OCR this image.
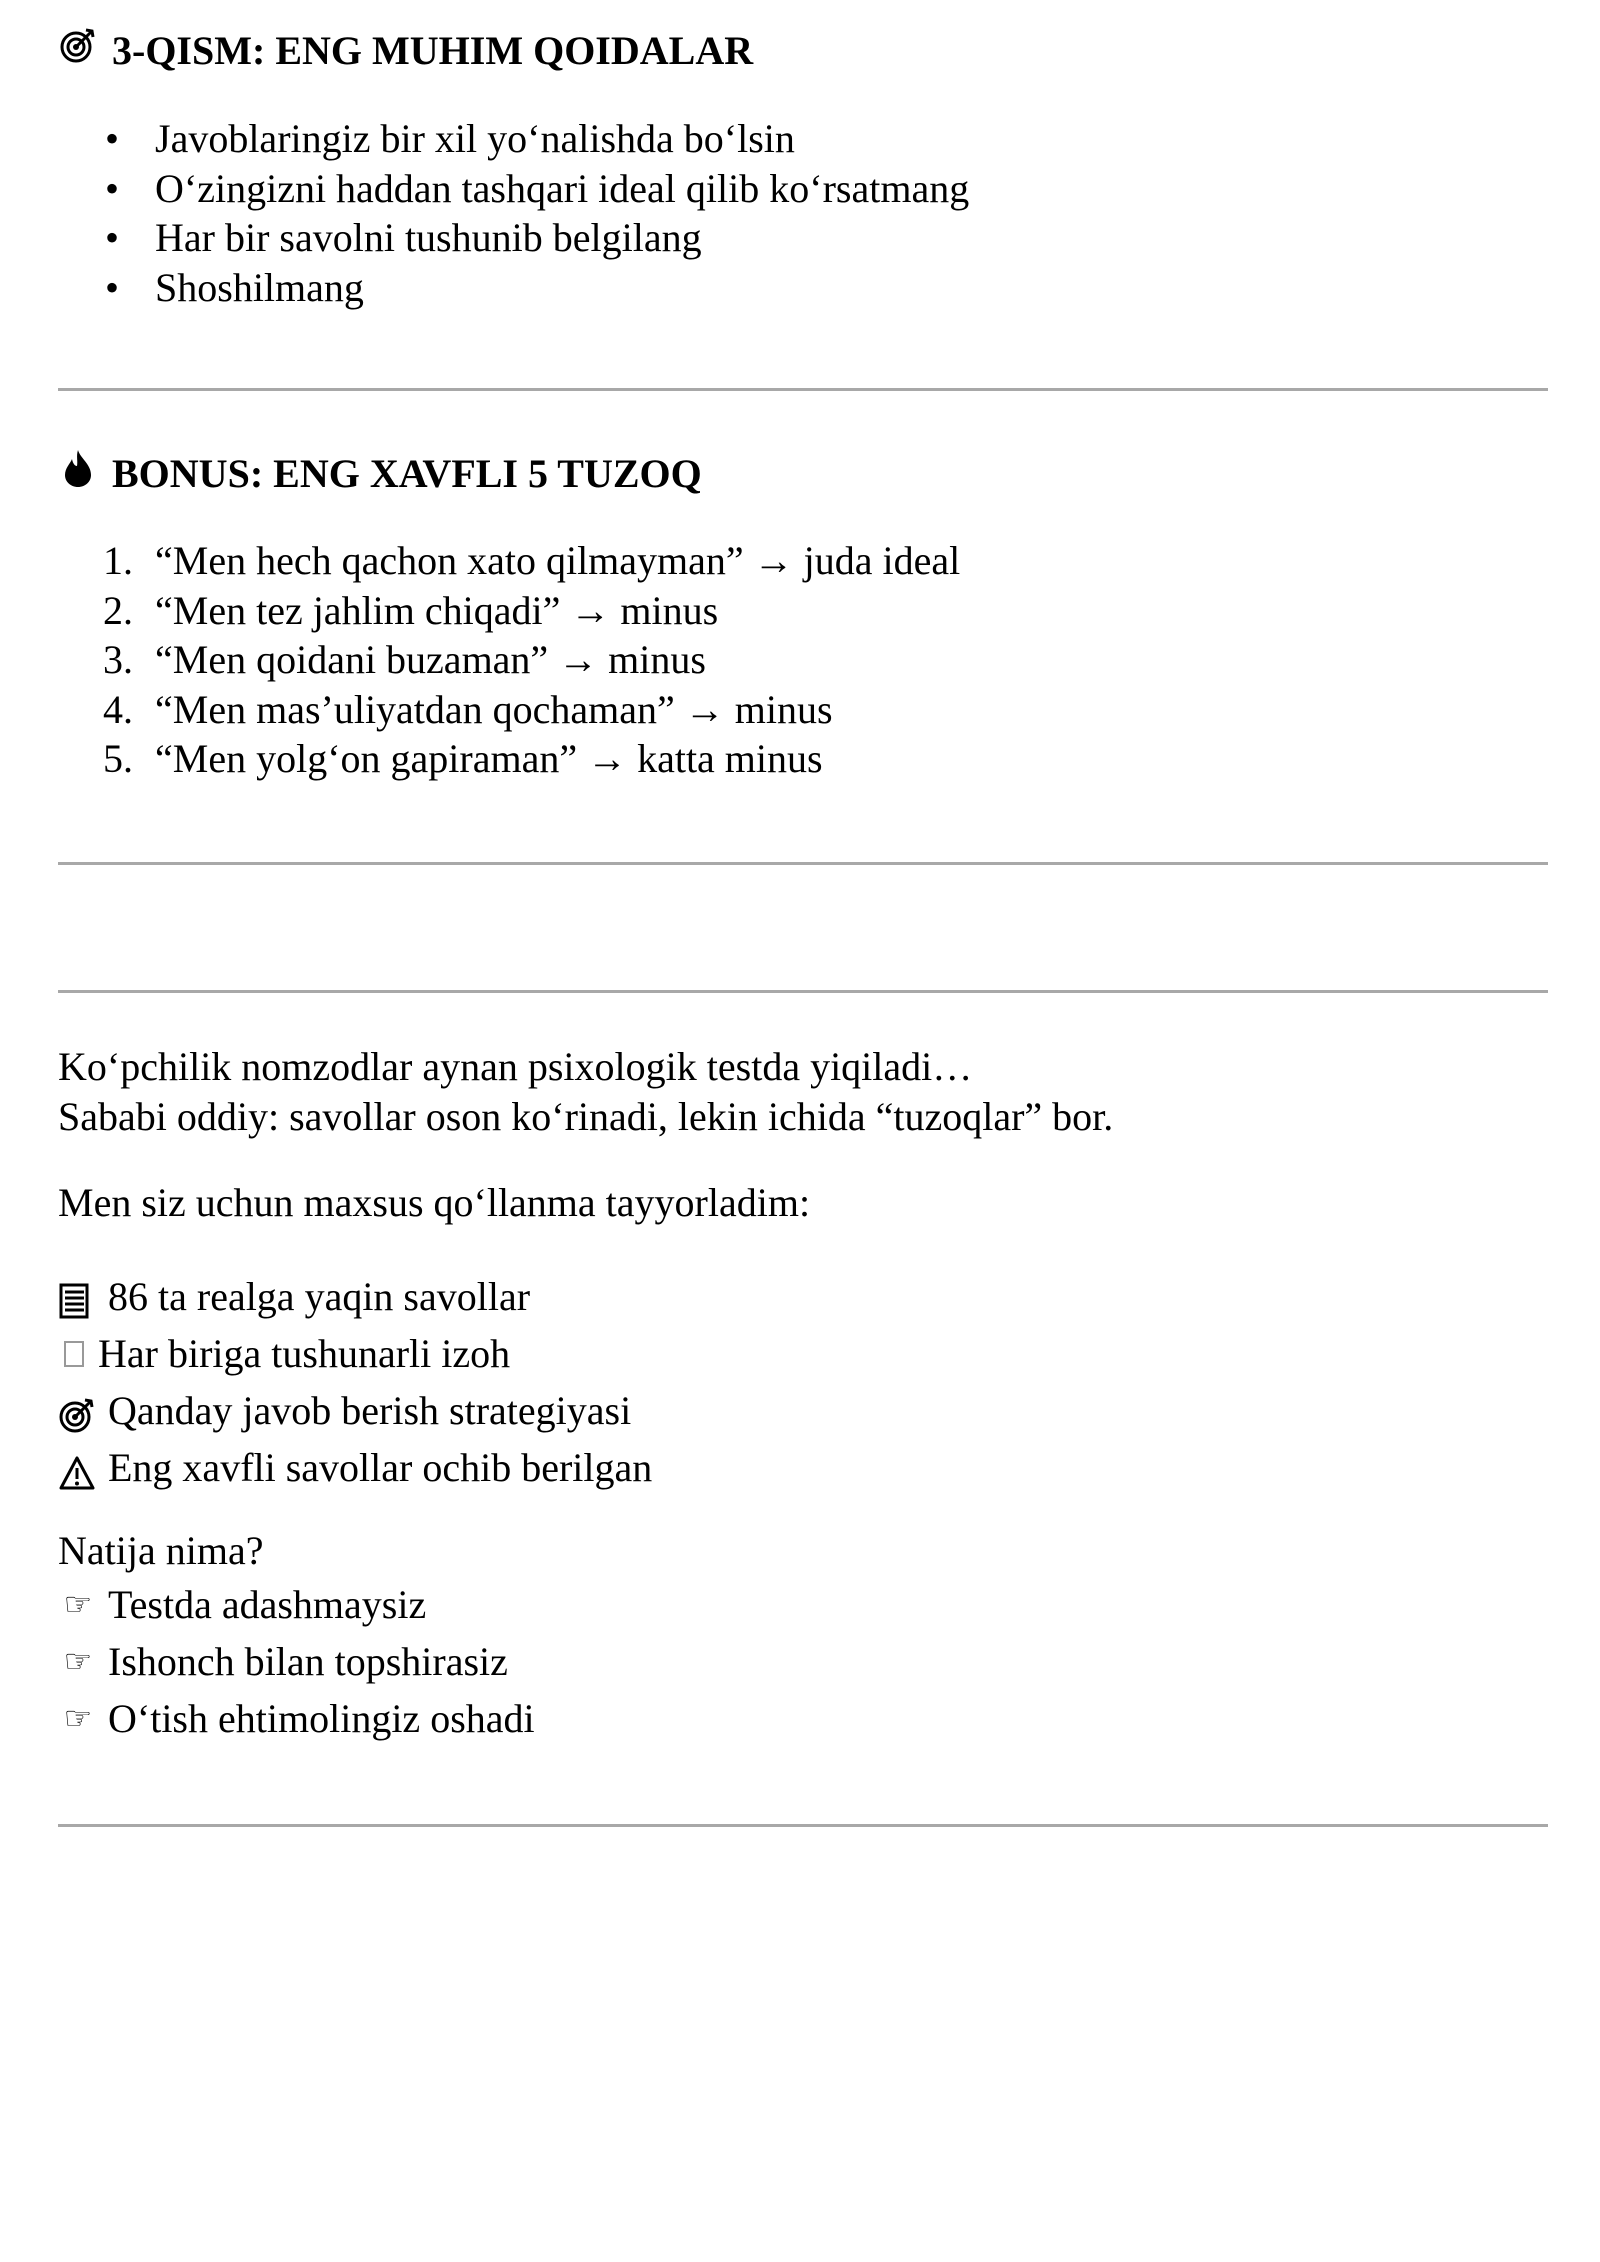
3-QISM: ENG MUHIM QOIDALAR
• Javoblaringiz bir xil yo‘nalishda bo‘lsin
• O‘zingizni haddan tashqari ideal qilib ko‘rsatmang
• Har bir savolni tushunib belgilang
• Shoshilmang
BONUS: ENG XAVFLI 5 TUZOQ
1. “Men hech qachon xato qilmayman” → juda ideal
2. “Men tez jahlim chiqadi” → minus
3. “Men qoidani buzaman” → minus
4. “Men mas’uliyatdan qochaman” → minus
5. “Men yolg‘on gapiraman” → katta minus

Ko‘pchilik nomzodlar aynan psixologik testda yiqiladi…

Sababi oddiy: savollar oson ko‘rinadi, lekin ichida “tuzoqlar” bor.

Men siz uchun maxsus qo‘llanma tayyorladim:

86 ta realga yaqin savollar
Har biriga tushunarli izoh
Qanday javob berish strategiyasi
Eng xavfli savollar ochib berilgan

Natija nima?

☞ Testda adashmaysiz
☞ Ishonch bilan topshirasiz
☞ O‘tish ehtimolingiz oshadi
